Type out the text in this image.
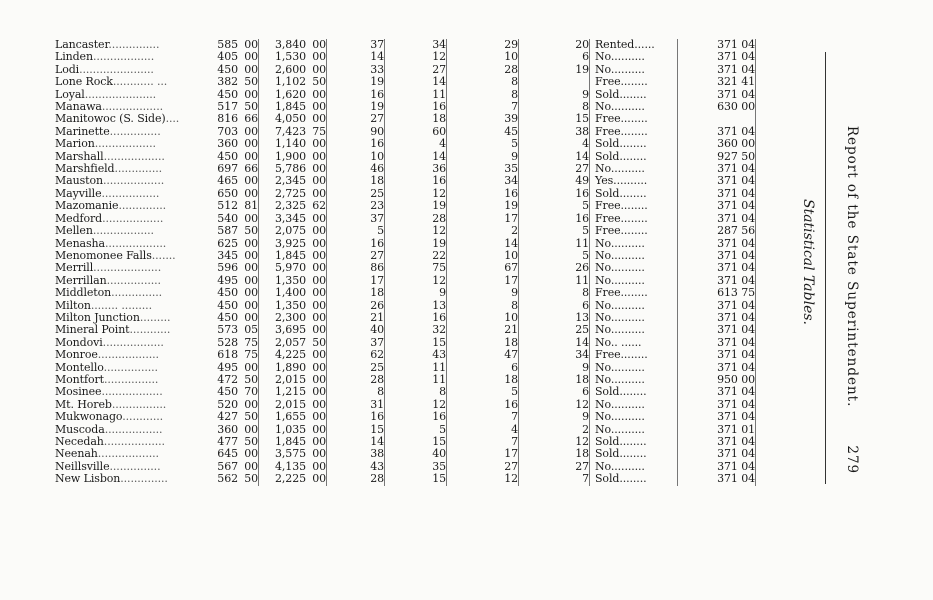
Lancaster...............	585	00		3,840	00		37		34		29		20		Rented......		371 04	
Linden..................	405	00		1,530	00		14		12		10		6		No..........		371 04	
Lodi......................	450	00		2,600	00		33		27		28		19		No..........		371 04	
Lone Rock............ ...	382	50		1,102	50		19		14		8				Free........		321 41	
Loyal.....................	450	00		1,620	00		16		11		8		9		Sold........		371 04	
Manawa..................	517	50		1,845	00		19		16		7		8		No..........		630 00	
Manitowoc (S. Side)....	816	66		4,050	00		27		18		39		15		Free........			
Marinette...............	703	00		7,423	75		90		60		45		38		Free........		371 04	
Marion..................	360	00		1,140	00		16		4		5		4		Sold........		360 00	
Marshall..................	450	00		1,900	00		10		14		9		14		Sold........		927 50	
Marshfield..............	697	66		5,786	00		46		36		35		27		No..........		371 04	
Mauston..................	465	00		2,345	00		18		16		34		49		Yes..........		371 04	
Mayville.................	650	00		2,725	00		25		12		16		16		Sold........		371 04	
Mazomanie..............	512	81		2,325	62		23		19		19		5		Free........		371 04	
Medford..................	540	00		3,345	00		37		28		17		16		Free........		371 04	
Mellen..................	587	50		2,075	00		5		12		2		5		Free........		287 56	
Menasha..................	625	00		3,925	00		16		19		14		11		No..........		371 04	
Menomonee Falls.......	345	00		1,845	00		27		22		10		5		No..........		371 04	
Merrill....................	596	00		5,970	00		86		75		67		26		No..........		371 04	
Merrillan................	495	00		1,350	00		17		12		17		11		No..........		371 04	
Middleton...............	450	00		1,400	00		18		9		9		8		Free........		613 75	
Milton........ .........	450	00		1,350	00		26		13		8		6		No..........		371 04	
Milton Junction.........	450	00		2,300	00		21		16		10		13		No..........		371 04	
Mineral Point............	573	05		3,695	00		40		32		21		25		No..........		371 04	
Mondovi..................	528	75		2,057	50		37		15		18		14		No.. ......		371 04	
Monroe..................	618	75		4,225	00		62		43		47		34		Free........		371 04	
Montello................	495	00		1,890	00		25		11		6		9		No..........		371 04	
Montfort................	472	50		2,015	00		28		11		18		18		No..........		950 00	
Mosinee..................	450	70		1,215	00		8		8		5		6		Sold........		371 04	
Mt. Horeb................	520	00		2,015	00		31		12		16		12		No..........		371 04	
Mukwonago............	427	50		1,655	00		16		16		7		9		No..........		371 04	
Muscoda.................	360	00		1,035	00		15		5		4		2		No..........		371 01	
Necedah..................	477	50		1,845	00		14		15		7		12		Sold........		371 04	
Neenah..................	645	00		3,575	00		38		40		17		18		Sold........		371 04	
Neillsville...............	567	00		4,135	00		43		35		27		27		No..........		371 04	
New Lisbon..............	562	50		2,225	00		28		15		12		7		Sold........		371 04	
Report of the State Superintendent.279
Statistical Tables.
